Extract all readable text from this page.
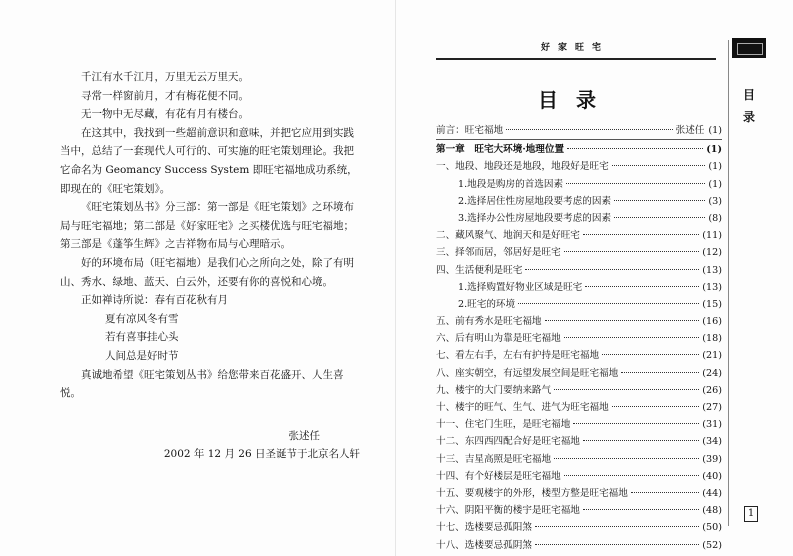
千江有水千江月，万里无云万里天。

寻常一样窗前月，才有梅花便不同。

无一物中无尽藏，有花有月有楼台。

在这其中，我找到一些超前意识和意味，并把它应用到实践当中，总结了一套现代人可行的、可实施的旺宅策划理论。我把它命名为 Geomancy Success System 即旺宅福地成功系统，即现在的《旺宅策划》。

《旺宅策划丛书》分三部：第一部是《旺宅策划》之环境布局与旺宅福地；第二部是《好家旺宅》之买楼优选与旺宅福地；第三部是《蓬筝生辉》之吉祥物布局与心理暗示。

好的环境布局（旺宅福地）是我们心之所向之处，除了有明山、秀水、绿地、蓝天、白云外，还要有你的喜悦和心境。

正如禅诗所说：春有百花秋有月

夏有凉风冬有雪

若有喜事挂心头

人间总是好时节

真诚地希望《旺宅策划丛书》给您带来百花盛开、人生喜悦。

张述任

2002 年 12 月 26 日圣诞节于北京名人轩

好家旺宅
目
录
目录
前言：旺宅福地	张述任 (1)
第一章　旺宅大环境·地理位置	(1)
一、地段、地段还是地段，地段好是旺宅	(1)
1.地段是购房的首选因素	(1)
2.选择居住性房屋地段要考虑的因素	(3)
3.选择办公性房屋地段要考虑的因素	(8)
二、藏风聚气、地润天和是好旺宅	(11)
三、择邻而居，邻居好是旺宅	(12)
四、生活便利是旺宅	(13)
1.选择购置好物业区域是旺宅	(13)
2.旺宅的环境	(15)
五、前有秀水是旺宅福地	(16)
六、后有明山为靠是旺宅福地	(18)
七、看左右手，左右有护持是旺宅福地	(21)
八、座实朝空，有远望发展空间是旺宅福地	(24)
九、楼宇的大门要纳来路气	(26)
十、楼宇的旺气、生气、进气为旺宅福地	(27)
十一、住宅门生旺，是旺宅福地	(31)
十二、东四西四配合好是旺宅福地	(34)
十三、吉星高照是旺宅福地	(39)
十四、有个好楼层是旺宅福地	(40)
十五、要观楼宇的外形，楼型方整是旺宅福地	(44)
十六、阴阳平衡的楼宇是旺宅福地	(48)
十七、选楼要忌孤阳煞	(50)
十八、选楼要忌孤阴煞	(52)
1
